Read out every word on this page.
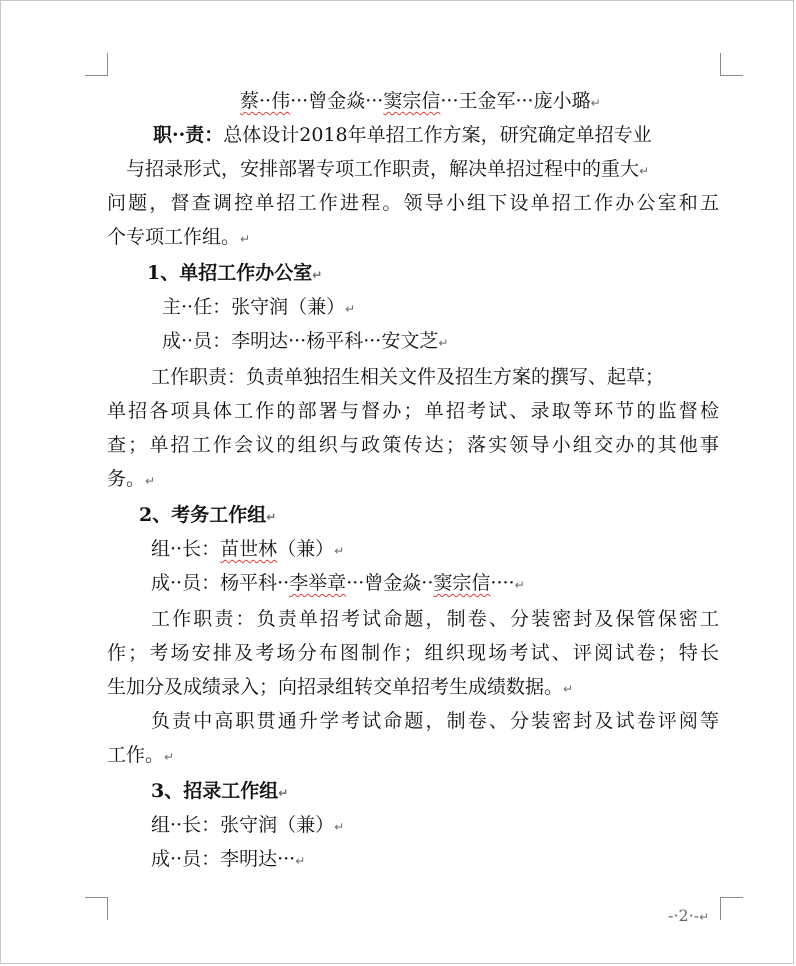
蔡··伟···曾金焱···窦宗信···王金军···庞小璐↵
职··责：总体设计2018年单招工作方案，研究确定单招专业
与招录形式，安排部署专项工作职责，解决单招过程中的重大↵
问题，督查调控单招工作进程。领导小组下设单招工作办公室和五
个专项工作组。↵
1、单招工作办公室↵
主··任：张守润（兼）↵
成··员：李明达···杨平科···安文芝↵
工作职责：负责单独招生相关文件及招生方案的撰写、起草；
单招各项具体工作的部署与督办；单招考试、录取等环节的监督检
查；单招工作会议的组织与政策传达；落实领导小组交办的其他事
务。↵
2、考务工作组↵
组··长：苗世林（兼）↵
成··员：杨平科··李举章···曾金焱··窦宗信····↵
工作职责：负责单招考试命题，制卷、分装密封及保管保密工
作；考场安排及考场分布图制作；组织现场考试、评阅试卷；特长
生加分及成绩录入；向招录组转交单招考生成绩数据。↵
负责中高职贯通升学考试命题，制卷、分装密封及试卷评阅等
工作。↵
3、招录工作组↵
组··长：张守润（兼）↵
成··员：李明达···↵
-·2·-↵
